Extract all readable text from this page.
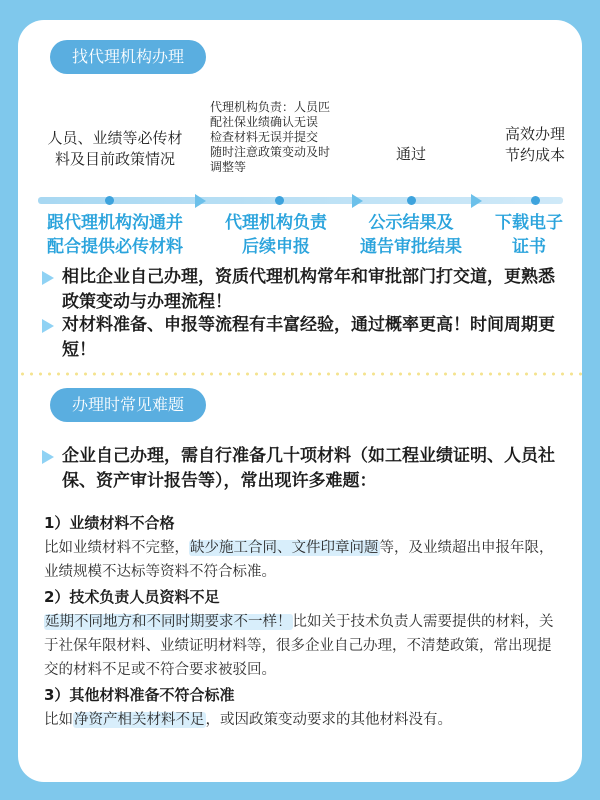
找代理机构办理
人员、业绩等必传材
料及目前政策情况
代理机构负责：人员匹
配社保业绩确认无误
检查材料无误并提交
随时注意政策变动及时
调整等
通过
高效办理
节约成本
跟代理机构沟通并
配合提供必传材料
代理机构负责
后续申报
公示结果及
通告审批结果
下载电子
证书
相比企业自己办理，资质代理机构常年和审批部门打交道，更熟悉政策变动与办理流程！
对材料准备、申报等流程有丰富经验，通过概率更高！时间周期更短！
办理时常见难题
企业自己办理，需自行准备几十项材料（如工程业绩证明、人员社保、资产审计报告等），常出现许多难题：
1）业绩材料不合格
比如业绩材料不完整，缺少施工合同、文件印章问题等，及业绩超出申报年限，业绩规模不达标等资料不符合标准。
2）技术负责人员资料不足
延期不同地方和不同时期要求不一样！比如关于技术负责人需要提供的材料，关于社保年限材料、业绩证明材料等，很多企业自己办理，不清楚政策，常出现提交的材料不足或不符合要求被驳回。
3）其他材料准备不符合标准
比如净资产相关材料不足，或因政策变动要求的其他材料没有。
